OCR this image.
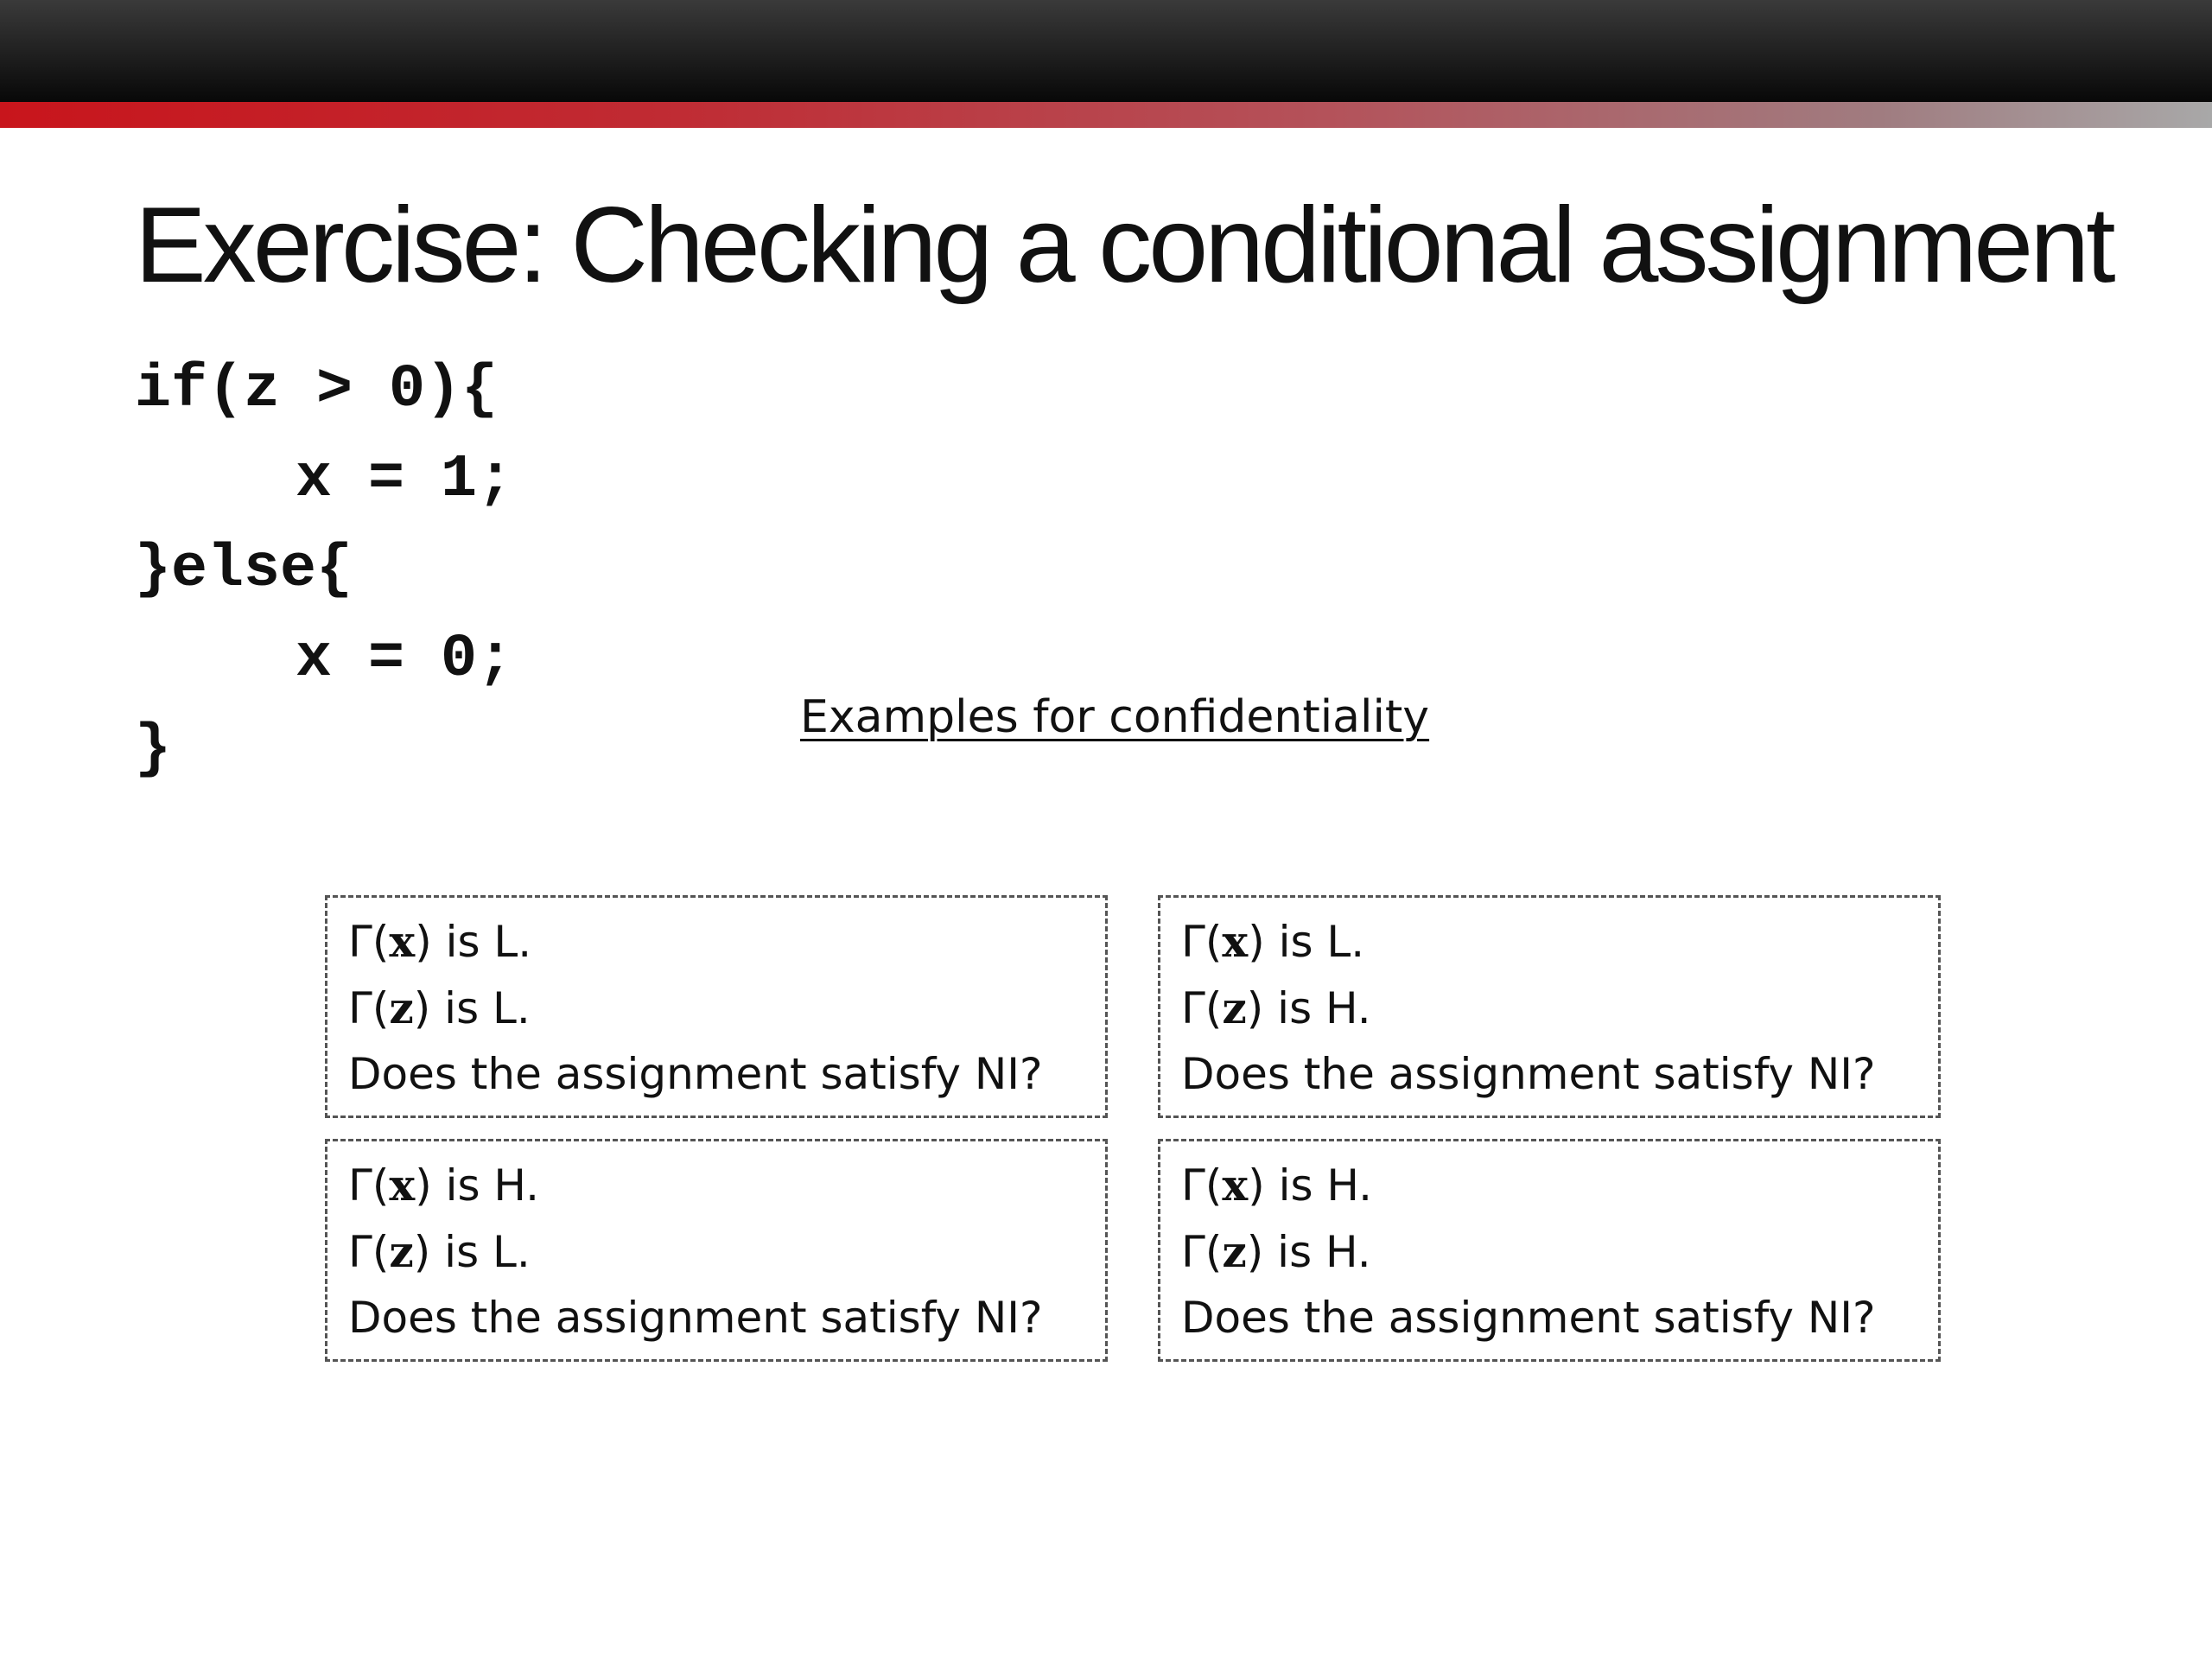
Exercise: Checking a conditional assignment
if(z > 0){
x = 1;
}else{
x = 0;
}	Examples for confidentiality
Γ(x) is L.
Γ(z) is L.
Does the assignment satisfy NI?
Γ(x) is L.
Γ(z) is H.
Does the assignment satisfy NI?
Γ(x) is H.
Γ(z) is L.
Does the assignment satisfy NI?
Γ(x) is H.
Γ(z) is H.
Does the assignment satisfy NI?
